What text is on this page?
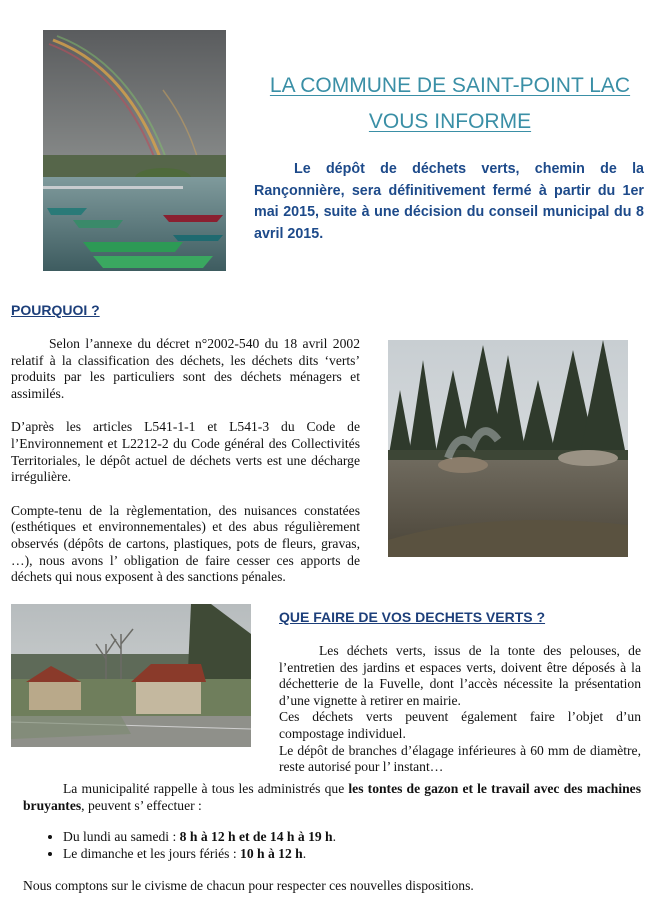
LA COMMUNE DE SAINT-POINT LAC
VOUS INFORME
Le dépôt de déchets verts, chemin de la Rançonnière, sera définitivement fermé à partir du 1er mai 2015, suite à une décision du conseil municipal du 8 avril 2015.
POURQUOI ?

Selon l’annexe du décret n°2002-540 du 18 avril 2002 relatif à la classification des déchets, les déchets dits ‘verts’ produits par les particuliers sont des déchets ménagers et assimilés.

D’après les articles L541-1-1 et L541-3 du Code de l’Environnement et L2212-2 du Code général des Collectivités Territoriales, le dépôt actuel de déchets verts est une décharge irrégulière.

Compte-tenu de la règlementation, des nuisances constatées (esthétiques et environnementales) et des abus régulièrement observés (dépôts de cartons, plastiques, pots de fleurs, gravas, …), nous avons l’ obligation de faire cesser ces apports de déchets qui nous exposent à des sanctions pénales.

QUE FAIRE DE VOS DECHETS VERTS ?

Les déchets verts, issus de la tonte des pelouses, de l’entretien des jardins et espaces verts, doivent être déposés à la déchetterie de la Fuvelle, dont l’accès nécessite la présentation d’une vignette à retirer en mairie.

Ces déchets verts peuvent également faire l’objet d’un compostage individuel.

Le dépôt de branches d’élagage inférieures à 60 mm de diamètre, reste autorisé pour l’ instant…

La municipalité rappelle à tous les administrés que les tontes de gazon et le travail avec des machines bruyantes, peuvent s’ effectuer :
• Du lundi au samedi : 8 h à 12 h et de 14 h à 19 h.
• Le dimanche et les jours fériés : 10 h à 12 h.
Nous comptons sur le civisme de chacun pour respecter ces nouvelles dispositions.
